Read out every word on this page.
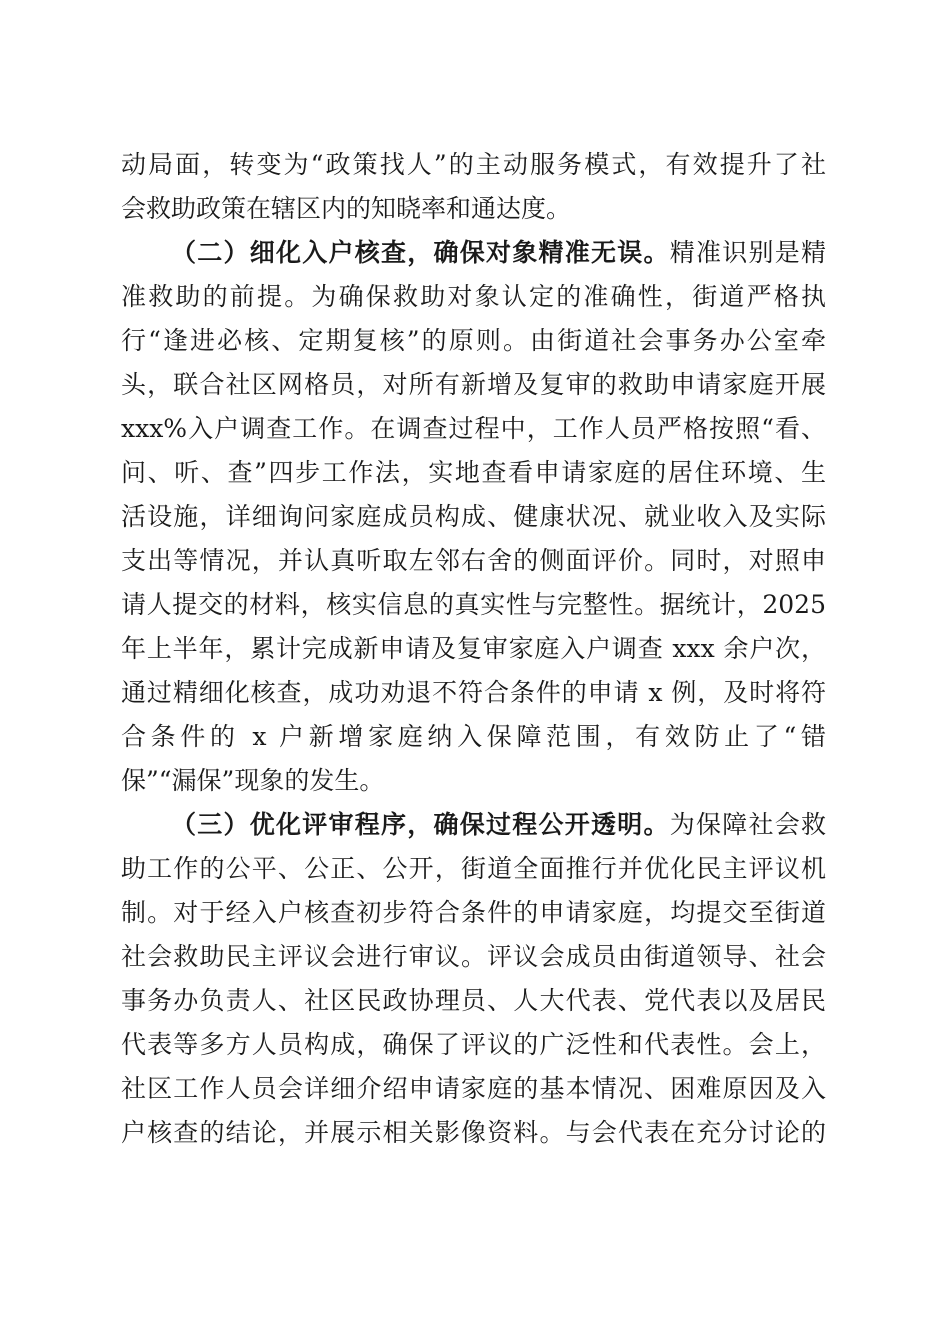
动局面，转变为“政策找人”的主动服务模式，有效提升了社
会救助政策在辖区内的知晓率和通达度。
（二）细化入户核查，确保对象精准无误。精准识别是精
准救助的前提。为确保救助对象认定的准确性，街道严格执
行“逢进必核、定期复核”的原则。由街道社会事务办公室牵
头，联合社区网格员，对所有新增及复审的救助申请家庭开展
xxx%入户调查工作。在调查过程中，工作人员严格按照“看、
问、听、查”四步工作法，实地查看申请家庭的居住环境、生
活设施，详细询问家庭成员构成、健康状况、就业收入及实际
支出等情况，并认真听取左邻右舍的侧面评价。同时，对照申
请人提交的材料，核实信息的真实性与完整性。据统计，2025
年上半年，累计完成新申请及复审家庭入户调查 xxx 余户次，
通过精细化核查，成功劝退不符合条件的申请 x 例，及时将符
合条件的 x 户新增家庭纳入保障范围，有效防止了“错
保”“漏保”现象的发生。
（三）优化评审程序，确保过程公开透明。为保障社会救
助工作的公平、公正、公开，街道全面推行并优化民主评议机
制。对于经入户核查初步符合条件的申请家庭，均提交至街道
社会救助民主评议会进行审议。评议会成员由街道领导、社会
事务办负责人、社区民政协理员、人大代表、党代表以及居民
代表等多方人员构成，确保了评议的广泛性和代表性。会上，
社区工作人员会详细介绍申请家庭的基本情况、困难原因及入
户核查的结论，并展示相关影像资料。与会代表在充分讨论的
